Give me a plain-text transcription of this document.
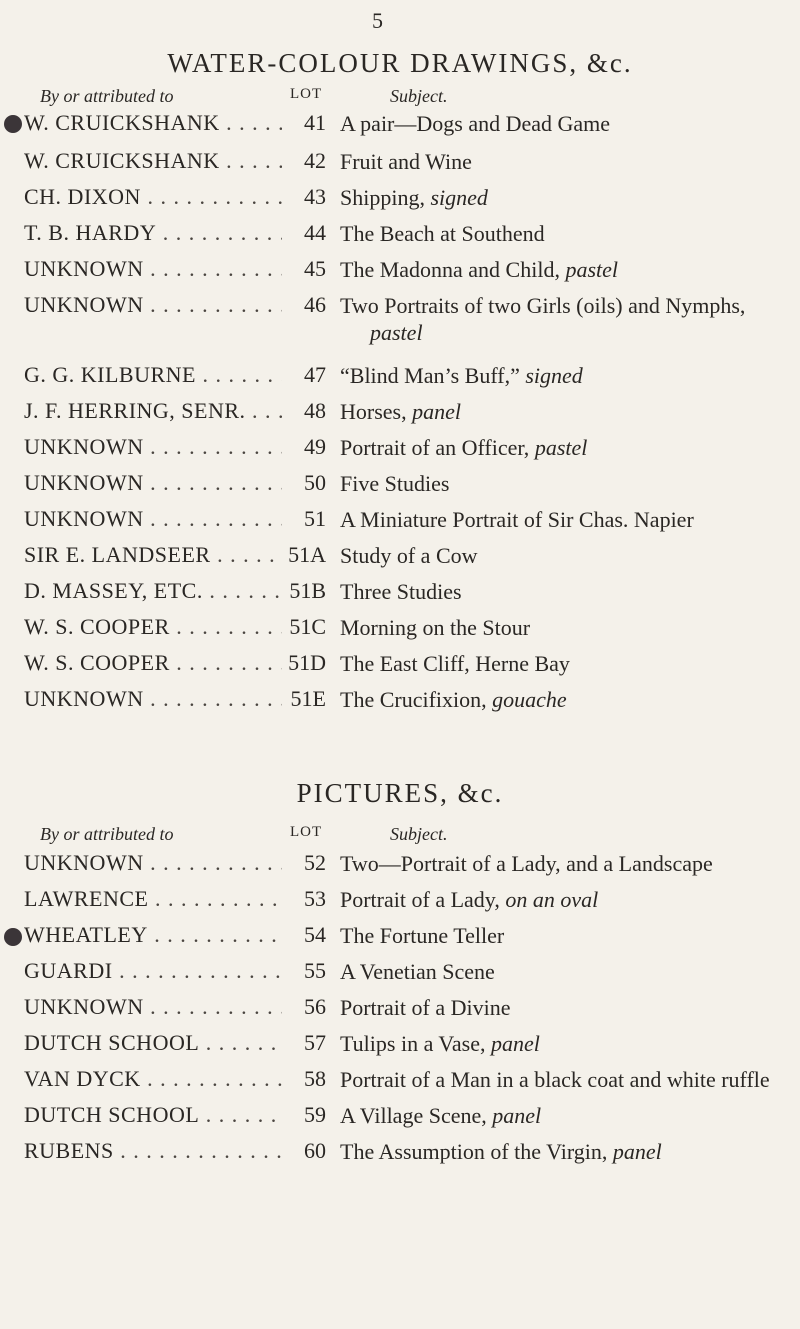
5
WATER-COLOUR DRAWINGS, &c.
By or attributed to	LOT	Subject.
W. CRUICKSHANK . . .	41 A pair—Dogs and Dead Game
W. CRUICKSHANK . . .	42 Fruit and Wine
CH. DIXON . . .	43 Shipping, signed
T. B. HARDY . . .	44 The Beach at Southend
UNKNOWN . . .	45 The Madonna and Child, pastel
UNKNOWN . . .	46 Two Portraits of two Girls (oils) and Nymphs,
pastel
G. G. KILBURNE . . .	47 “Blind Man’s Buff,” signed
J. F. HERRING, SENR. . . .	48 Horses, panel
UNKNOWN . . .	49 Portrait of an Officer, pastel
UNKNOWN . . .	50 Five Studies
UNKNOWN . . .	51 A Miniature Portrait of Sir Chas. Napier
SIR E. LANDSEER . . .	51A Study of a Cow
D. MASSEY, ETC. . . .	51B Three Studies
W. S. COOPER . . .	51C Morning on the Stour
W. S. COOPER . . .	51D The East Cliff, Herne Bay
UNKNOWN . . .	51E The Crucifixion, gouache
PICTURES, &c.
By or attributed to	LOT	Subject.
UNKNOWN . . .	52 Two—Portrait of a Lady, and a Landscape
LAWRENCE . . .	53 Portrait of a Lady, on an oval
WHEATLEY . . .	54 The Fortune Teller
GUARDI . . .	55 A Venetian Scene
UNKNOWN . . .	56 Portrait of a Divine
DUTCH SCHOOL . . .	57 Tulips in a Vase, panel
VAN DYCK . . .	58 Portrait of a Man in a black coat and white ruffle
DUTCH SCHOOL . . .	59 A Village Scene, panel
RUBENS . . .	60 The Assumption of the Virgin, panel
